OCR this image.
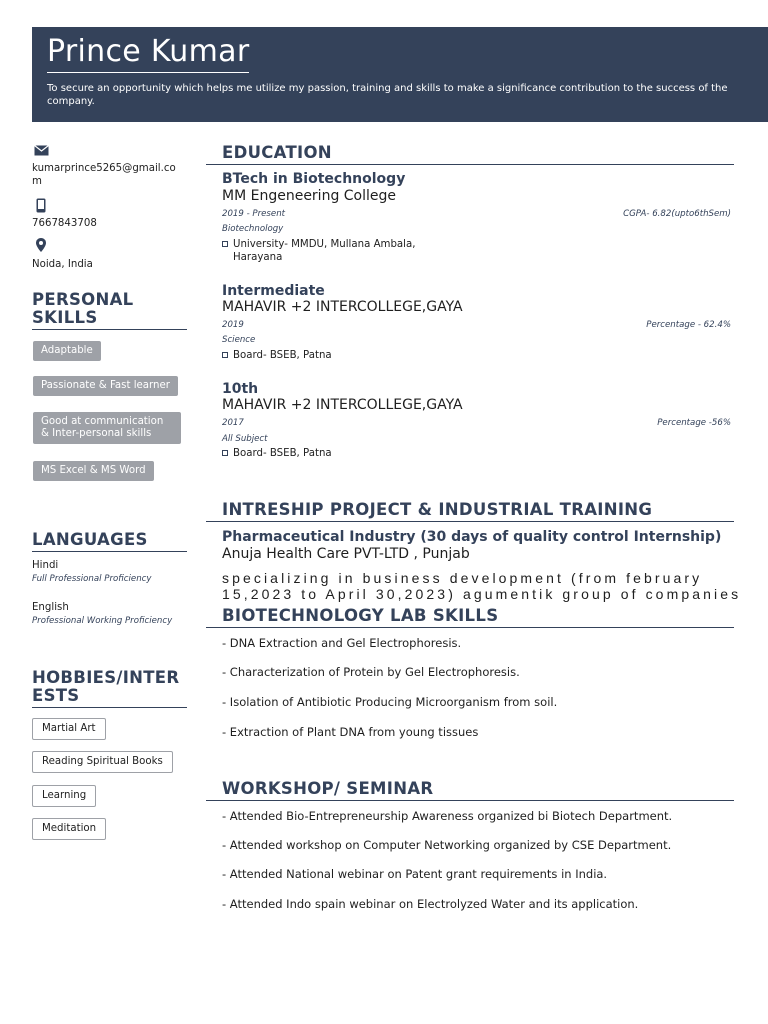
Prince Kumar
To secure an opportunity which helps me utilize my passion, training and skills to make a significance contribution to the success of the company.
kumarprince5265@gmail.com
7667843708
Noida, India
PERSONAL SKILLS
Adaptable
Passionate & Fast learner
Good at communication & Inter-personal skills
MS Excel & MS Word
LANGUAGES
Hindi
Full Professional Proficiency
English
Professional Working Proficiency
HOBBIES/INTERESTS
Martial Art
Reading Spiritual Books
Learning
Meditation
EDUCATION
BTech in Biotechnology
MM Engeneering College
2019 - Present	CGPA- 6.82(upto6thSem)
Biotechnology
University- MMDU, Mullana Ambala, Harayana
Intermediate
MAHAVIR +2 INTERCOLLEGE,GAYA
2019	Percentage - 62.4%
Science
Board- BSEB, Patna
10th
MAHAVIR +2 INTERCOLLEGE,GAYA
2017	Percentage -56%
All Subject
Board- BSEB, Patna
INTRESHIP PROJECT & INDUSTRIAL TRAINING
Pharmaceutical Industry (30 days of quality control Internship)
Anuja Health Care PVT-LTD , Punjab
specializing in business development (from february 15,2023 to April 30,2023) agumentik group of companies
BIOTECHNOLOGY LAB SKILLS
- DNA Extraction and Gel Electrophoresis.
- Characterization of Protein by Gel Electrophoresis.
- Isolation of Antibiotic Producing Microorganism from soil.
- Extraction of Plant DNA from young tissues
WORKSHOP/ SEMINAR
- Attended Bio-Entrepreneurship Awareness organized bi Biotech Department.
- Attended workshop on Computer Networking organized by CSE Department.
- Attended National webinar on Patent grant requirements in India.
- Attended Indo spain webinar on Electrolyzed Water and its application.
